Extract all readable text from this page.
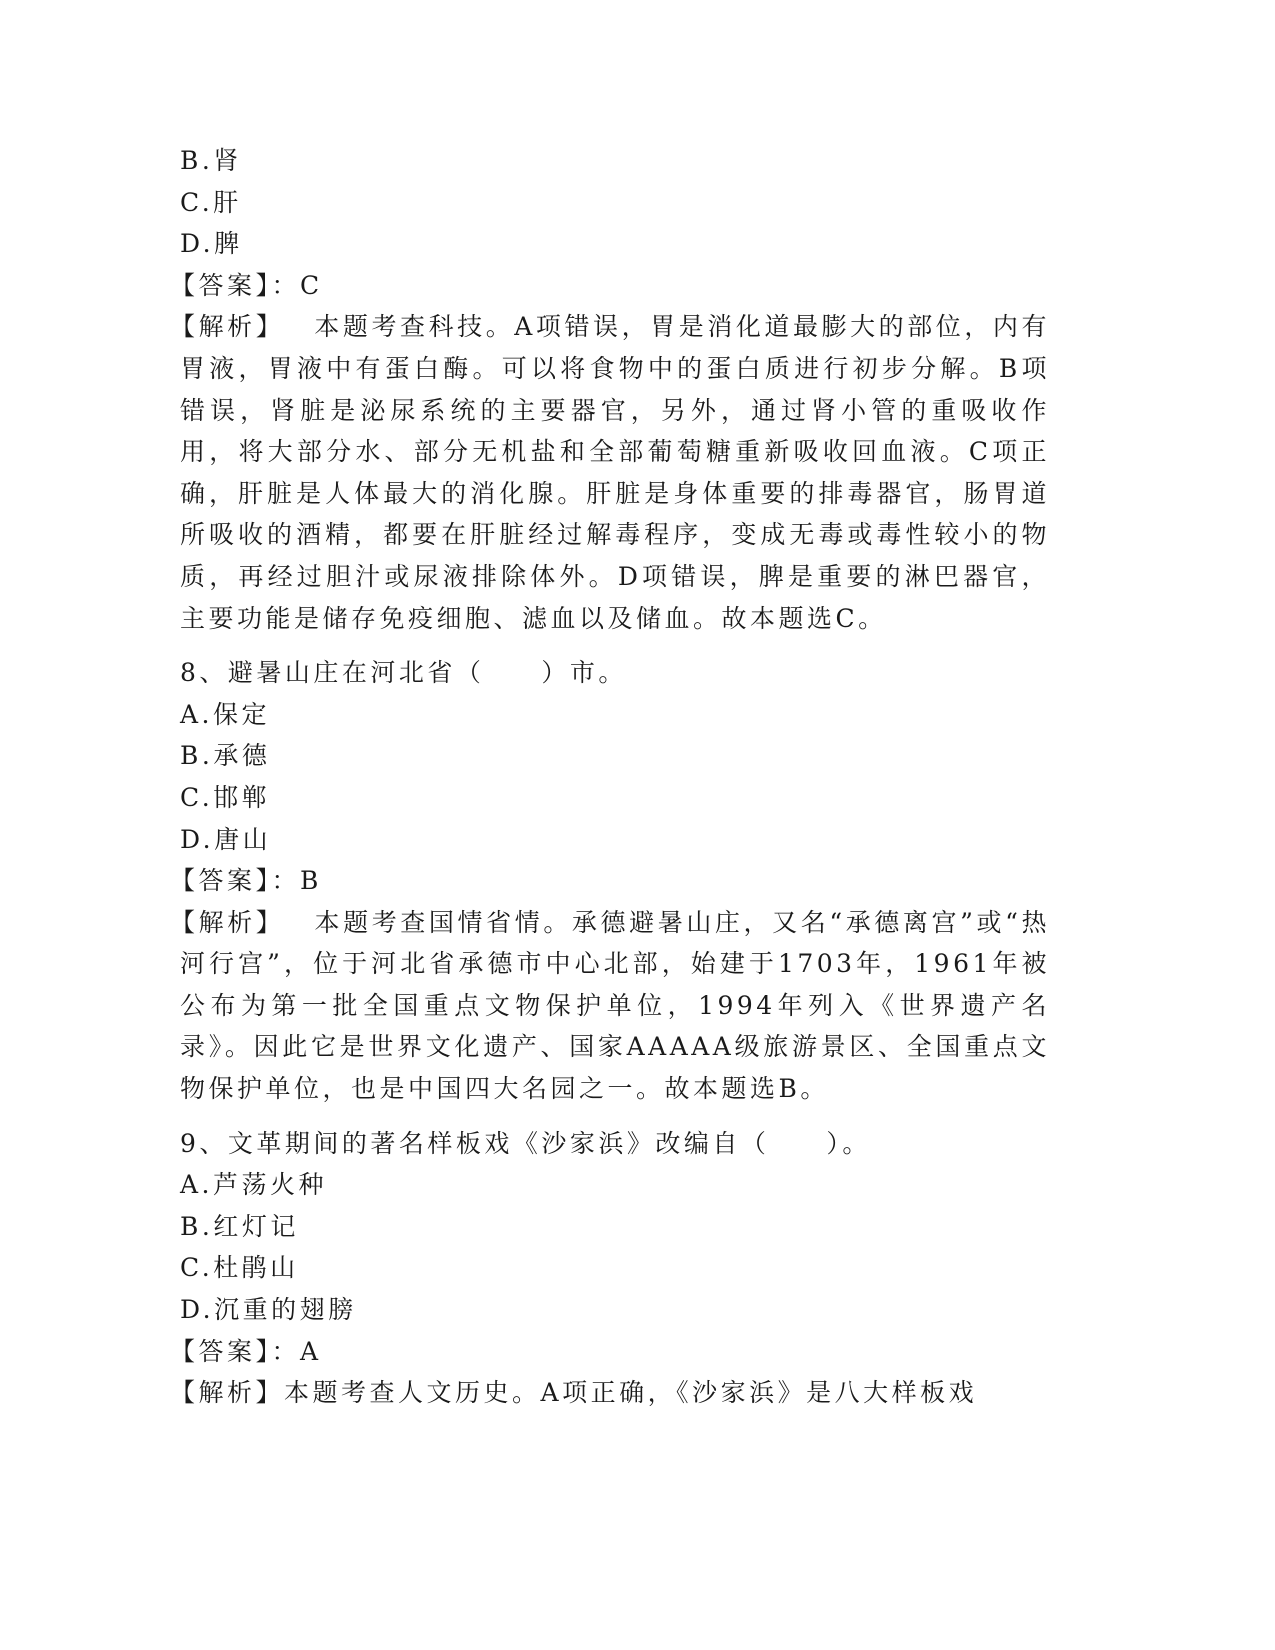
B.肾
C.肝
D.脾
【答案】：C
【解析】 本题考查科技。A项错误，胃是消化道最膨大的部位，内有胃液，胃液中有蛋白酶。可以将食物中的蛋白质进行初步分解。B项错误，肾脏是泌尿系统的主要器官，另外，通过肾小管的重吸收作用，将大部分水、部分无机盐和全部葡萄糖重新吸收回血液。C项正确，肝脏是人体最大的消化腺。肝脏是身体重要的排毒器官，肠胃道所吸收的酒精，都要在肝脏经过解毒程序，变成无毒或毒性较小的物质，再经过胆汁或尿液排除体外。D项错误，脾是重要的淋巴器官，主要功能是储存免疫细胞、滤血以及储血。故本题选C。
8、避暑山庄在河北省（　　）市。
A.保定
B.承德
C.邯郸
D.唐山
【答案】：B
【解析】 本题考查国情省情。承德避暑山庄，又名“承德离宫”或“热河行宫”，位于河北省承德市中心北部，始建于1703年，1961年被公布为第一批全国重点文物保护单位，1994年列入《世界遗产名录》。因此它是世界文化遗产、国家AAAAA级旅游景区、全国重点文物保护单位，也是中国四大名园之一。故本题选B。
9、文革期间的著名样板戏《沙家浜》改编自（　　）。
A.芦荡火种
B.红灯记
C.杜鹃山
D.沉重的翅膀
【答案】：A
【解析】本题考查人文历史。A项正确，《沙家浜》是八大样板戏
